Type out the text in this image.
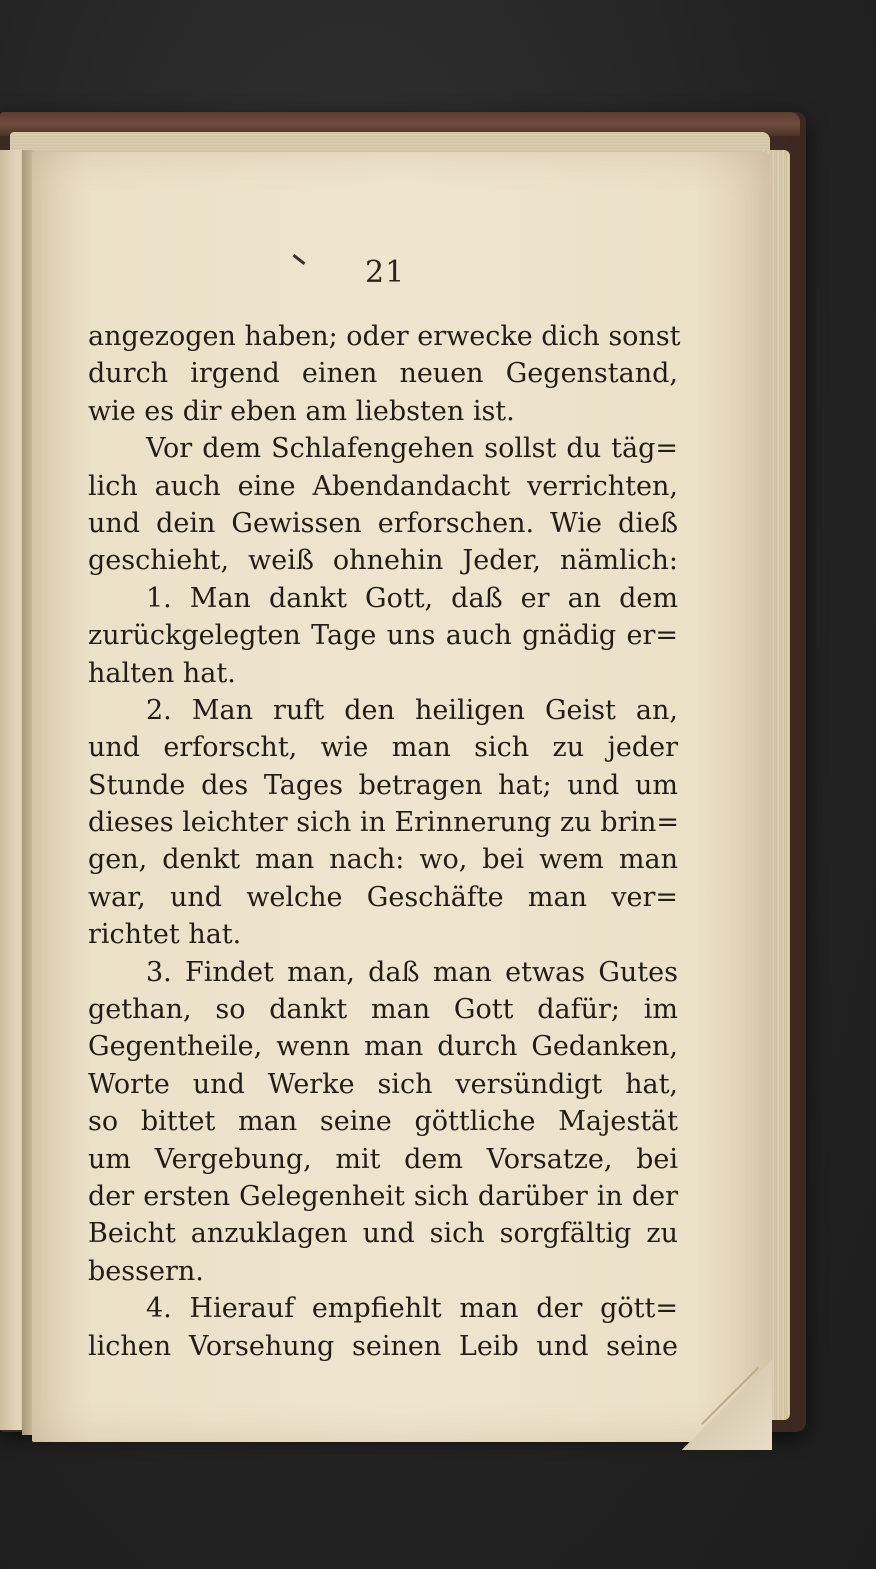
21
angezogen haben; oder erwecke dich sonst
durch irgend einen neuen Gegenstand,
wie es dir eben am liebsten ist.
Vor dem Schlafengehen sollst du täg=
lich auch eine Abendandacht verrichten,
und dein Gewissen erforschen. Wie dieß
geschieht, weiß ohnehin Jeder, nämlich:
1. Man dankt Gott, daß er an dem
zurückgelegten Tage uns auch gnädig er=
halten hat.
2. Man ruft den heiligen Geist an,
und erforscht, wie man sich zu jeder
Stunde des Tages betragen hat; und um
dieses leichter sich in Erinnerung zu brin=
gen, denkt man nach: wo, bei wem man
war, und welche Geschäfte man ver=
richtet hat.
3. Findet man, daß man etwas Gutes
gethan, so dankt man Gott dafür; im
Gegentheile, wenn man durch Gedanken,
Worte und Werke sich versündigt hat,
so bittet man seine göttliche Majestät
um Vergebung, mit dem Vorsatze, bei
der ersten Gelegenheit sich darüber in der
Beicht anzuklagen und sich sorgfältig zu
bessern.
4. Hierauf empfiehlt man der gött=
lichen Vorsehung seinen Leib und seine
